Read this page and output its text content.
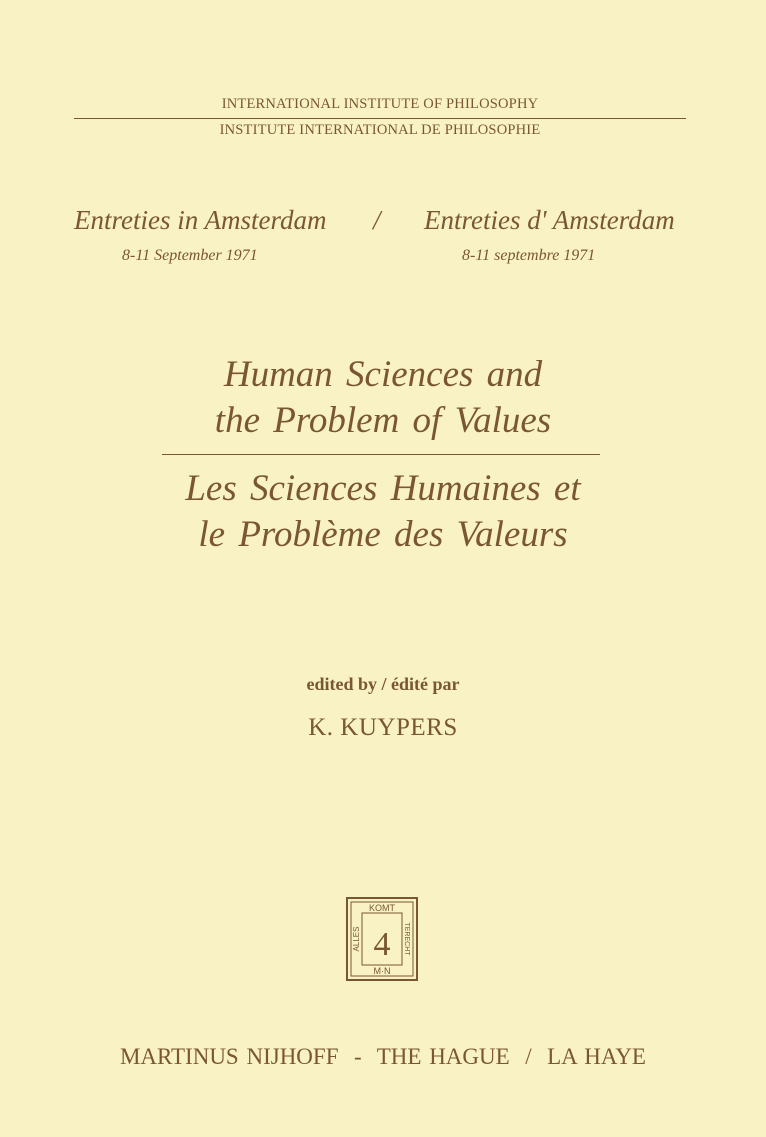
INTERNATIONAL INSTITUTE OF PHILOSOPHY
INSTITUTE INTERNATIONAL DE PHILOSOPHIE
Entreties in Amsterdam / Entreties d' Amsterdam
8-11 September 1971	8-11 septembre 1971
Human Sciences and
the Problem of Values
Les Sciences Humaines et
le Problème des Valeurs
edited by / édité par
K. KUYPERS
KOMT
M·N
ALLES	TERECHT
4
MARTINUS NIJHOFF  -  THE HAGUE  /  LA HAYE
